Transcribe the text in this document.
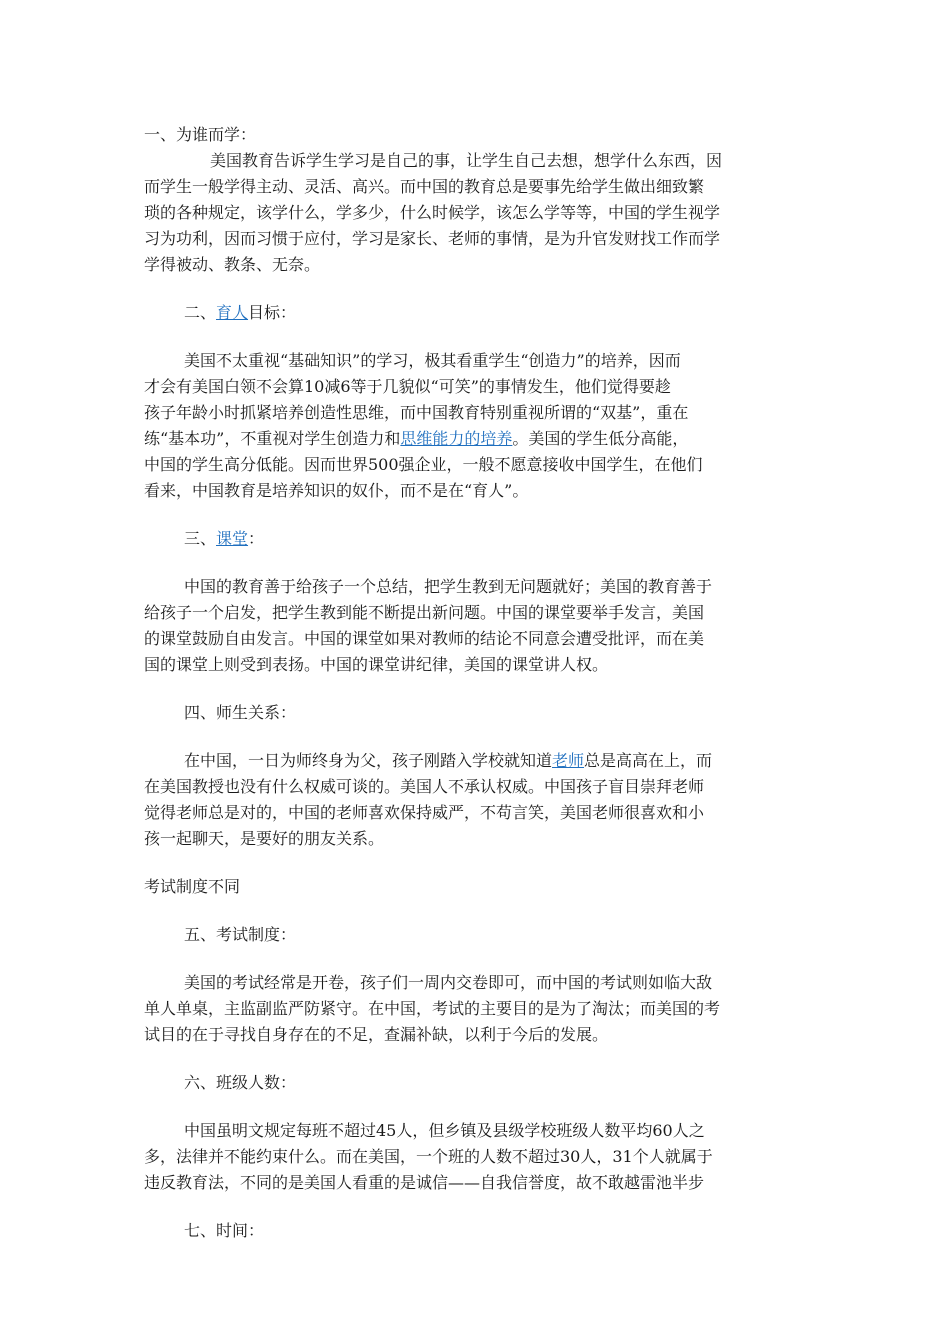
一、为谁而学：
美国教育告诉学生学习是自己的事，让学生自己去想，想学什么东西，因
而学生一般学得主动、灵活、高兴。而中国的教育总是要事先给学生做出细致繁
琐的各种规定，该学什么，学多少，什么时候学，该怎么学等等，中国的学生视学
习为功利，因而习惯于应付，学习是家长、老师的事情，是为升官发财找工作而学
学得被动、教条、无奈。
二、育人目标：
美国不太重视“基础知识”的学习，极其看重学生“创造力”的培养，因而
才会有美国白领不会算10减6等于几貌似“可笑”的事情发生，他们觉得要趁
孩子年龄小时抓紧培养创造性思维，而中国教育特别重视所谓的“双基”，重在
练“基本功”，不重视对学生创造力和思维能力的培养。美国的学生低分高能，
中国的学生高分低能。因而世界500强企业，一般不愿意接收中国学生，在他们
看来，中国教育是培养知识的奴仆，而不是在“育人”。
三、课堂：
中国的教育善于给孩子一个总结，把学生教到无问题就好；美国的教育善于
给孩子一个启发，把学生教到能不断提出新问题。中国的课堂要举手发言，美国
的课堂鼓励自由发言。中国的课堂如果对教师的结论不同意会遭受批评，而在美
国的课堂上则受到表扬。中国的课堂讲纪律，美国的课堂讲人权。
四、师生关系：
在中国，一日为师终身为父，孩子刚踏入学校就知道老师总是高高在上，而
在美国教授也没有什么权威可谈的。美国人不承认权威。中国孩子盲目崇拜老师
觉得老师总是对的，中国的老师喜欢保持威严，不苟言笑，美国老师很喜欢和小
孩一起聊天，是要好的朋友关系。
考试制度不同
五、考试制度：
美国的考试经常是开卷，孩子们一周内交卷即可，而中国的考试则如临大敌
单人单桌，主监副监严防紧守。在中国，考试的主要目的是为了淘汰；而美国的考
试目的在于寻找自身存在的不足，查漏补缺，以利于今后的发展。
六、班级人数：
中国虽明文规定每班不超过45人，但乡镇及县级学校班级人数平均60人之
多，法律并不能约束什么。而在美国，一个班的人数不超过30人，31个人就属于
违反教育法，不同的是美国人看重的是诚信——自我信誉度，故不敢越雷池半步
七、时间：
